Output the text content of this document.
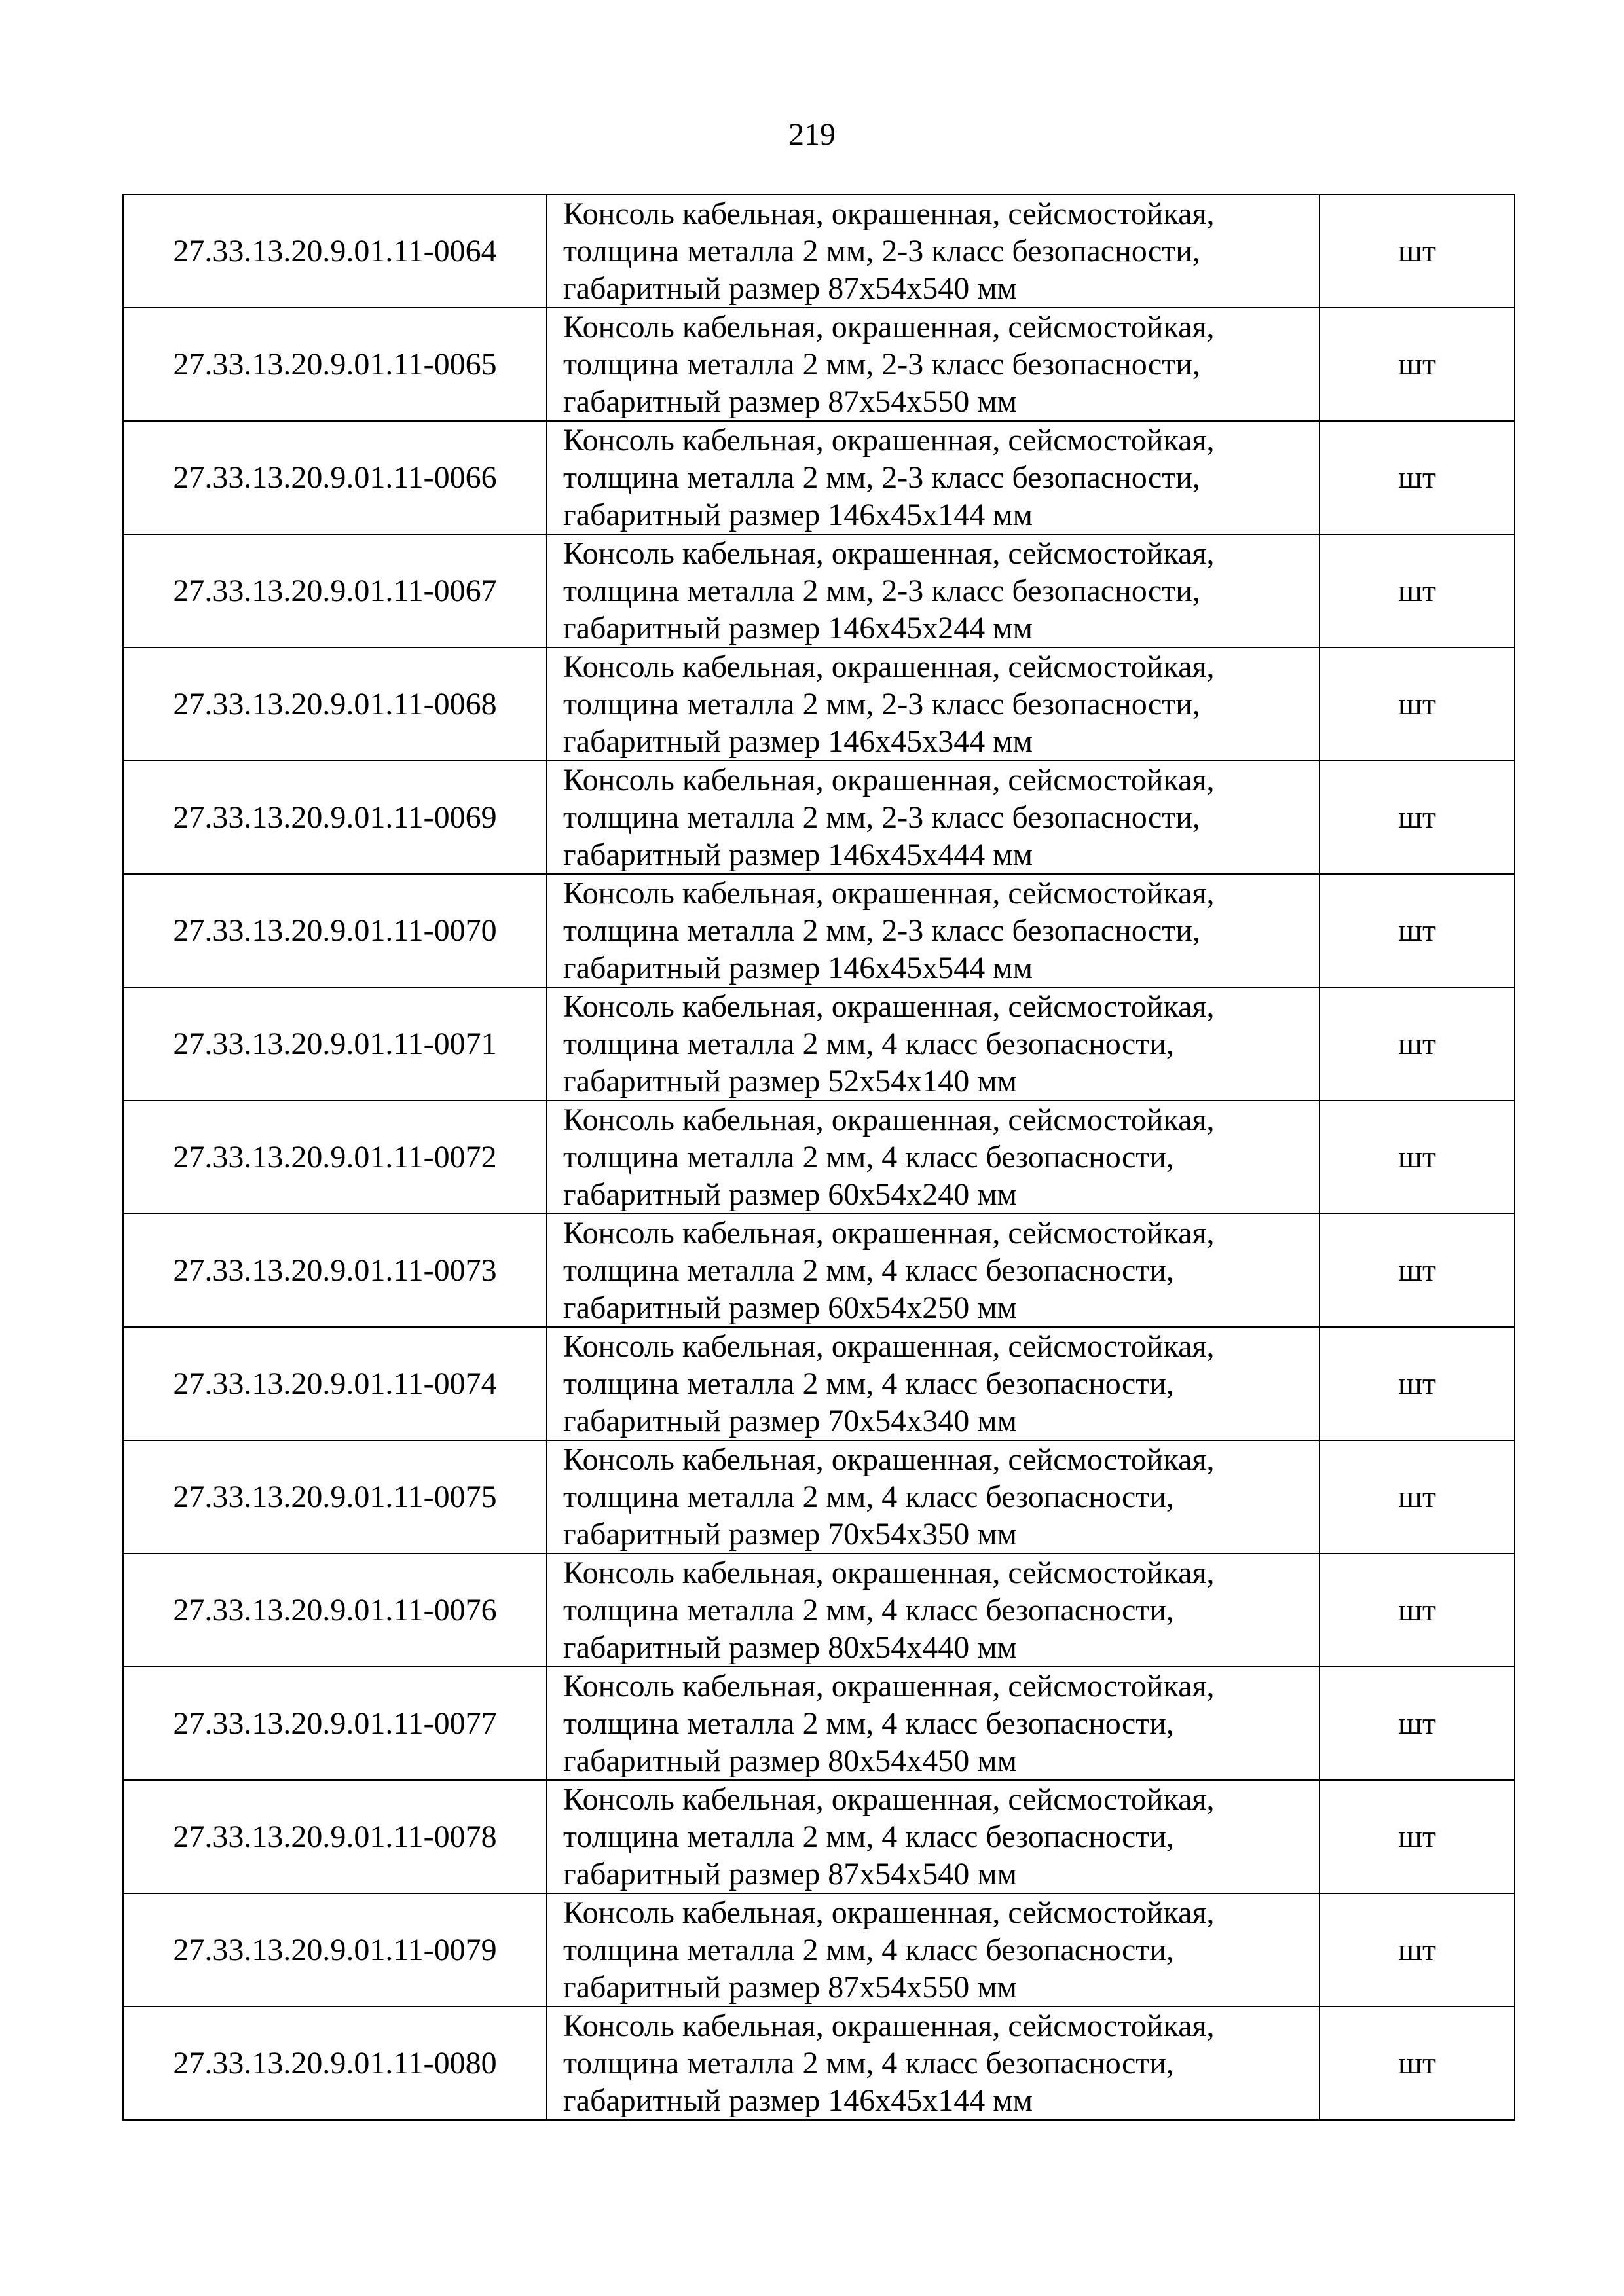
219
27.33.13.20.9.01.11-0064	Консоль кабельная, окрашенная, сейсмостойкая,
толщина металла 2 мм, 2-3 класс безопасности,
габаритный размер 87х54х540 мм	шт
27.33.13.20.9.01.11-0065	Консоль кабельная, окрашенная, сейсмостойкая,
толщина металла 2 мм, 2-3 класс безопасности,
габаритный размер 87х54х550 мм	шт
27.33.13.20.9.01.11-0066	Консоль кабельная, окрашенная, сейсмостойкая,
толщина металла 2 мм, 2-3 класс безопасности,
габаритный размер 146х45х144 мм	шт
27.33.13.20.9.01.11-0067	Консоль кабельная, окрашенная, сейсмостойкая,
толщина металла 2 мм, 2-3 класс безопасности,
габаритный размер 146х45х244 мм	шт
27.33.13.20.9.01.11-0068	Консоль кабельная, окрашенная, сейсмостойкая,
толщина металла 2 мм, 2-3 класс безопасности,
габаритный размер 146х45х344 мм	шт
27.33.13.20.9.01.11-0069	Консоль кабельная, окрашенная, сейсмостойкая,
толщина металла 2 мм, 2-3 класс безопасности,
габаритный размер 146х45х444 мм	шт
27.33.13.20.9.01.11-0070	Консоль кабельная, окрашенная, сейсмостойкая,
толщина металла 2 мм, 2-3 класс безопасности,
габаритный размер 146х45х544 мм	шт
27.33.13.20.9.01.11-0071	Консоль кабельная, окрашенная, сейсмостойкая,
толщина металла 2 мм, 4 класс безопасности,
габаритный размер 52х54х140 мм	шт
27.33.13.20.9.01.11-0072	Консоль кабельная, окрашенная, сейсмостойкая,
толщина металла 2 мм, 4 класс безопасности,
габаритный размер 60х54х240 мм	шт
27.33.13.20.9.01.11-0073	Консоль кабельная, окрашенная, сейсмостойкая,
толщина металла 2 мм, 4 класс безопасности,
габаритный размер 60х54х250 мм	шт
27.33.13.20.9.01.11-0074	Консоль кабельная, окрашенная, сейсмостойкая,
толщина металла 2 мм, 4 класс безопасности,
габаритный размер 70х54х340 мм	шт
27.33.13.20.9.01.11-0075	Консоль кабельная, окрашенная, сейсмостойкая,
толщина металла 2 мм, 4 класс безопасности,
габаритный размер 70х54х350 мм	шт
27.33.13.20.9.01.11-0076	Консоль кабельная, окрашенная, сейсмостойкая,
толщина металла 2 мм, 4 класс безопасности,
габаритный размер 80х54х440 мм	шт
27.33.13.20.9.01.11-0077	Консоль кабельная, окрашенная, сейсмостойкая,
толщина металла 2 мм, 4 класс безопасности,
габаритный размер 80х54х450 мм	шт
27.33.13.20.9.01.11-0078	Консоль кабельная, окрашенная, сейсмостойкая,
толщина металла 2 мм, 4 класс безопасности,
габаритный размер 87х54х540 мм	шт
27.33.13.20.9.01.11-0079	Консоль кабельная, окрашенная, сейсмостойкая,
толщина металла 2 мм, 4 класс безопасности,
габаритный размер 87х54х550 мм	шт
27.33.13.20.9.01.11-0080	Консоль кабельная, окрашенная, сейсмостойкая,
толщина металла 2 мм, 4 класс безопасности,
габаритный размер 146х45х144 мм	шт
